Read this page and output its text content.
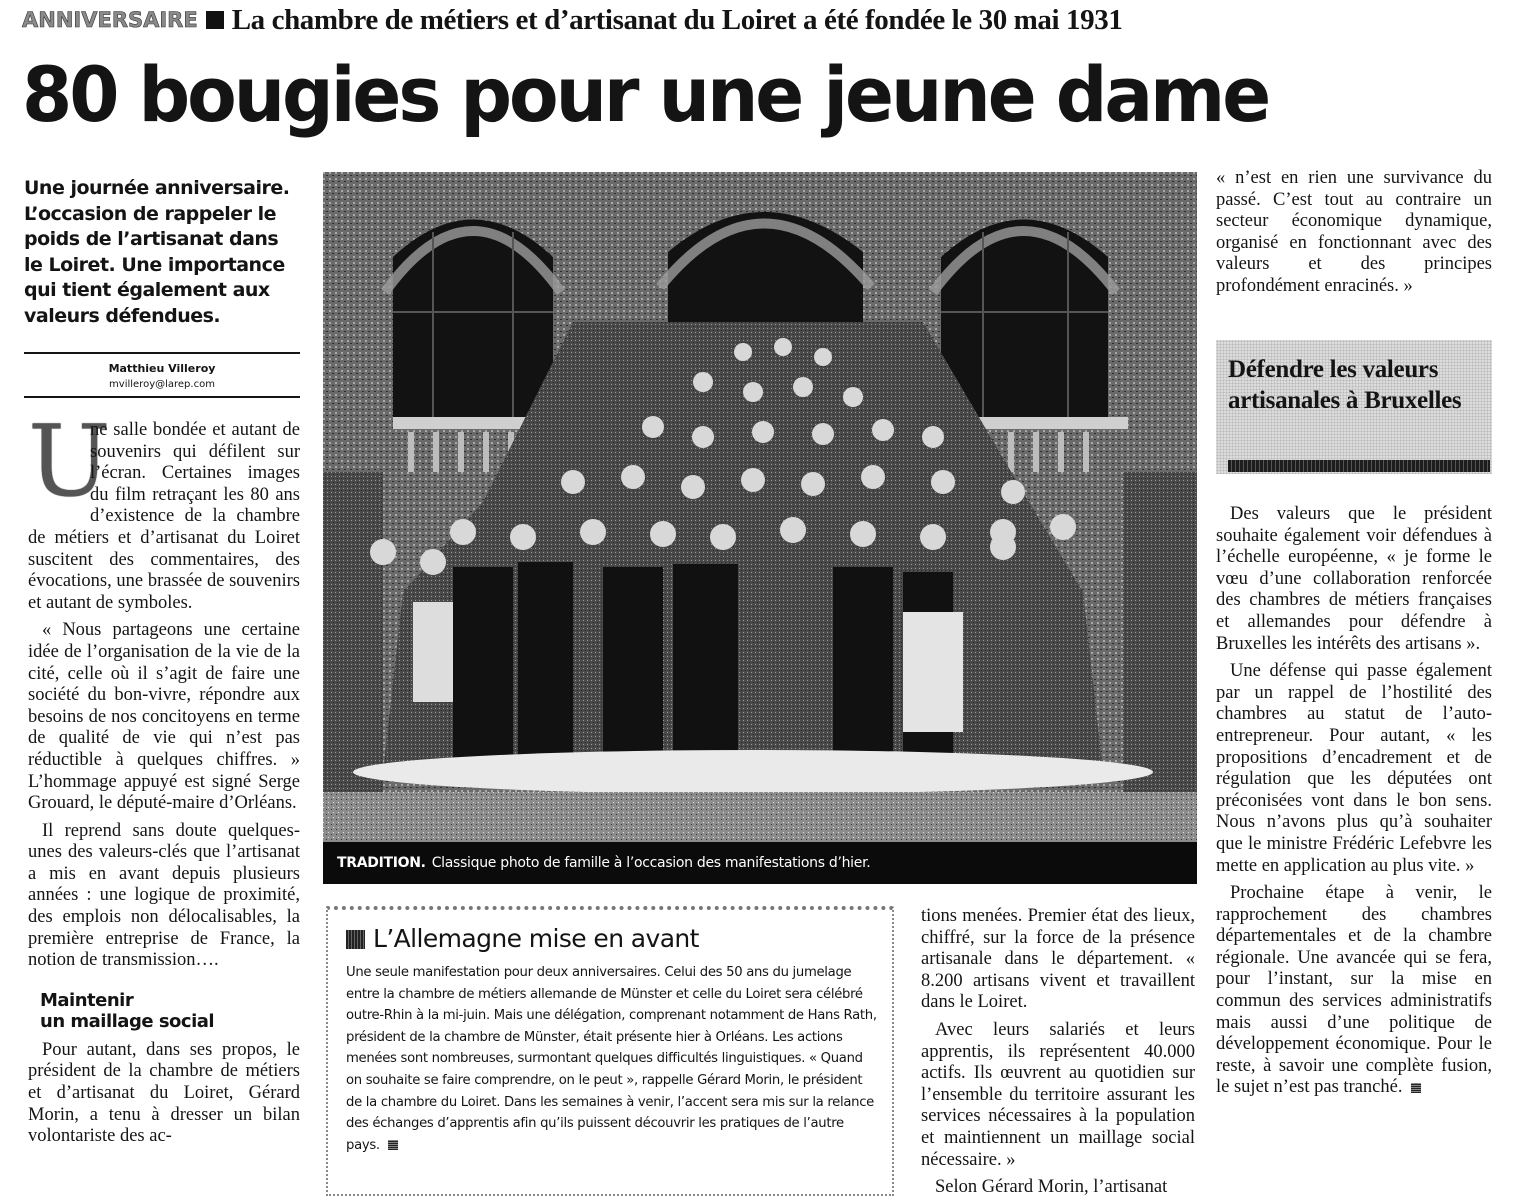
ANNIVERSAIRE La chambre de métiers et d’artisanat du Loiret a été fondée le 30 mai 1931
80 bougies pour une jeune dame
Une journée anniversaire. L’occasion de rappeler le poids de l’artisanat dans le Loiret. Une importance qui tient également aux valeurs défendues.
Matthieu Villeroy
mvilleroy@larep.com

U
ne salle bondée et autant de souvenirs qui défilent sur l’écran. Certaines images du film retraçant les 80 ans d’existence de la chambre de métiers et d’artisanat du Loiret suscitent des commentaires, des évocations, une brassée de souvenirs et autant de symboles.

« Nous partageons une certaine idée de l’organisation de la vie de la cité, celle où il s’agit de faire une société du bon-vivre, répondre aux besoins de nos concitoyens en terme de qualité de vie qui n’est pas réductible à quelques chiffres. » L’hommage appuyé est signé Serge Grouard, le député-maire d’Orléans.

Il reprend sans doute quelques-unes des valeurs-clés que l’artisanat a mis en avant depuis plusieurs années : une logique de proximité, des emplois non délocalisables, la première entreprise de France, la notion de transmission….

Maintenir
un maillage social

Pour autant, dans ses propos, le président de la chambre de métiers et d’artisanat du Loiret, Gérard Morin, a tenu à dresser un bilan volontariste des ac-

TRADITION. Classique photo de famille à l’occasion des manifestations d’hier.
L’Allemagne mise en avant
Une seule manifestation pour deux anniversaires. Celui des 50 ans du jumelage entre la chambre de métiers allemande de Münster et celle du Loiret sera célébré outre-Rhin à la mi-juin. Mais une délégation, comprenant notamment de Hans Rath, président de la chambre de Münster, était présente hier à Orléans. Les actions menées sont nombreuses, surmontant quelques difficultés linguistiques. « Quand on souhaite se faire comprendre, on le peut », rappelle Gérard Morin, le président de la chambre du Loiret. Dans les semaines à venir, l’accent sera mis sur la relance des échanges d’apprentis afin qu’ils puissent découvrir les pratiques de l’autre pays.

tions menées. Premier état des lieux, chiffré, sur la force de la présence artisanale dans le département. « 8.200 artisans vivent et travaillent dans le Loiret.

Avec leurs salariés et leurs apprentis, ils représentent 40.000 actifs. Ils œuvrent au quotidien sur l’ensemble du territoire assurant les services nécessaires à la population et maintiennent un maillage social nécessaire. »

Selon Gérard Morin, l’artisanat

« n’est en rien une survivance du passé. C’est tout au contraire un secteur économique dynamique, organisé en fonctionnant avec des valeurs et des principes profondément enracinés. »

Défendre les valeurs artisanales à Bruxelles

Des valeurs que le président souhaite également voir défendues à l’échelle européenne, « je forme le vœu d’une collaboration renforcée des chambres de métiers françaises et allemandes pour défendre à Bruxelles les intérêts des artisans ».

Une défense qui passe également par un rappel de l’hostilité des chambres au statut de l’auto-entrepreneur. Pour autant, « les propositions d’encadrement et de régulation que les députées ont préconisées vont dans le bon sens. Nous n’avons plus qu’à souhaiter que le ministre Frédéric Lefebvre les mette en application au plus vite. »

Prochaine étape à venir, le rapprochement des chambres départementales et de la chambre régionale. Une avancée qui se fera, pour l’instant, sur la mise en commun des services administratifs mais aussi d’une politique de développement économique. Pour le reste, à savoir une complète fusion, le sujet n’est pas tranché.
